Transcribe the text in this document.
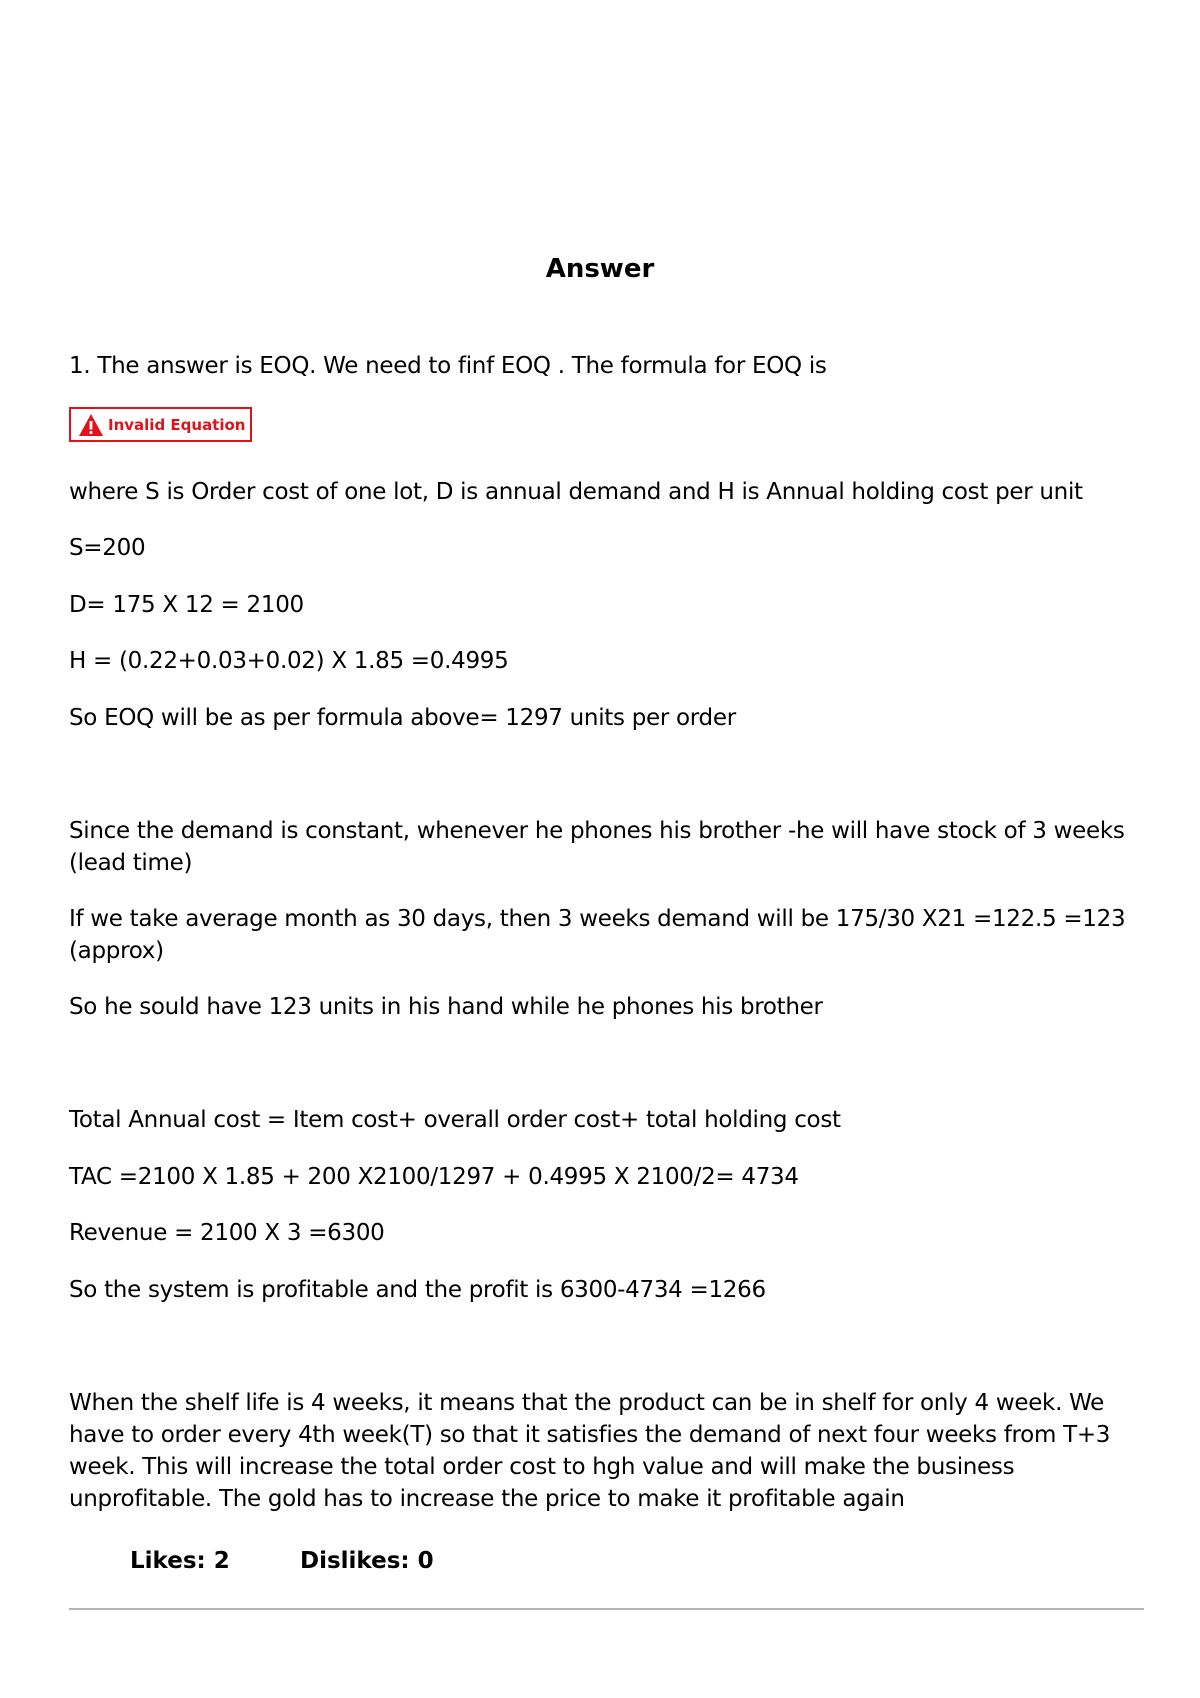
Answer
1. The answer is EOQ. We need to finf EOQ . The formula for EOQ is
Invalid Equation
where S is Order cost of one lot, D is annual demand and H is Annual holding cost per unit
S=200
D= 175 X 12 = 2100
H = (0.22+0.03+0.02) X 1.85 =0.4995
So EOQ will be as per formula above= 1297 units per order
Since the demand is constant, whenever he phones his brother -he will have stock of 3 weeks (lead time)
If we take average month as 30 days, then 3 weeks demand will be 175/30 X21 =122.5 =123 (approx)
So he sould have 123 units in his hand while he phones his brother
Total Annual cost = Item cost+ overall order cost+ total holding cost
TAC =2100 X 1.85 + 200 X2100/1297 + 0.4995 X 2100/2= 4734
Revenue = 2100 X 3 =6300
So the system is profitable and the profit is 6300-4734 =1266
When the shelf life is 4 weeks, it means that the product can be in shelf for only 4 week. We have to order every 4th week(T) so that it satisfies the demand of next four weeks from T+3 week. This will increase the total order cost to hgh value and will make the business unprofitable. The gold has to increase the price to make it profitable again
Likes: 2	Dislikes: 0
